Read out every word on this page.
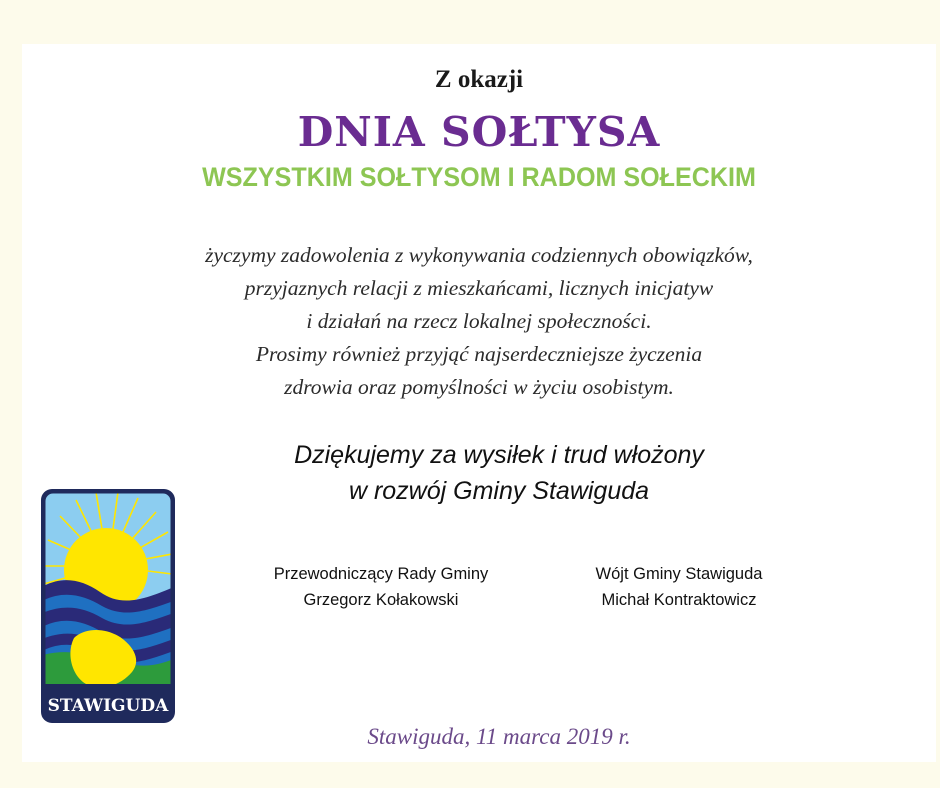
Z okazji
DNIA SOŁTYSA
WSZYSTKIM SOŁTYSOM I RADOM SOŁECKIM
życzymy zadowolenia z wykonywania codziennych obowiązków,
przyjaznych relacji z mieszkańcami, licznych inicjatyw
i działań na rzecz lokalnej społeczności.
Prosimy również przyjąć najserdeczniejsze życzenia
zdrowia oraz pomyślności w życiu osobistym.
Dziękujemy za wysiłek i trud włożony
w rozwój Gminy Stawiguda
Przewodniczący Rady Gminy
Grzegorz Kołakowski
Wójt Gminy Stawiguda
Michał Kontraktowicz
Stawiguda, 11 marca 2019 r.
STAWIGUDA
